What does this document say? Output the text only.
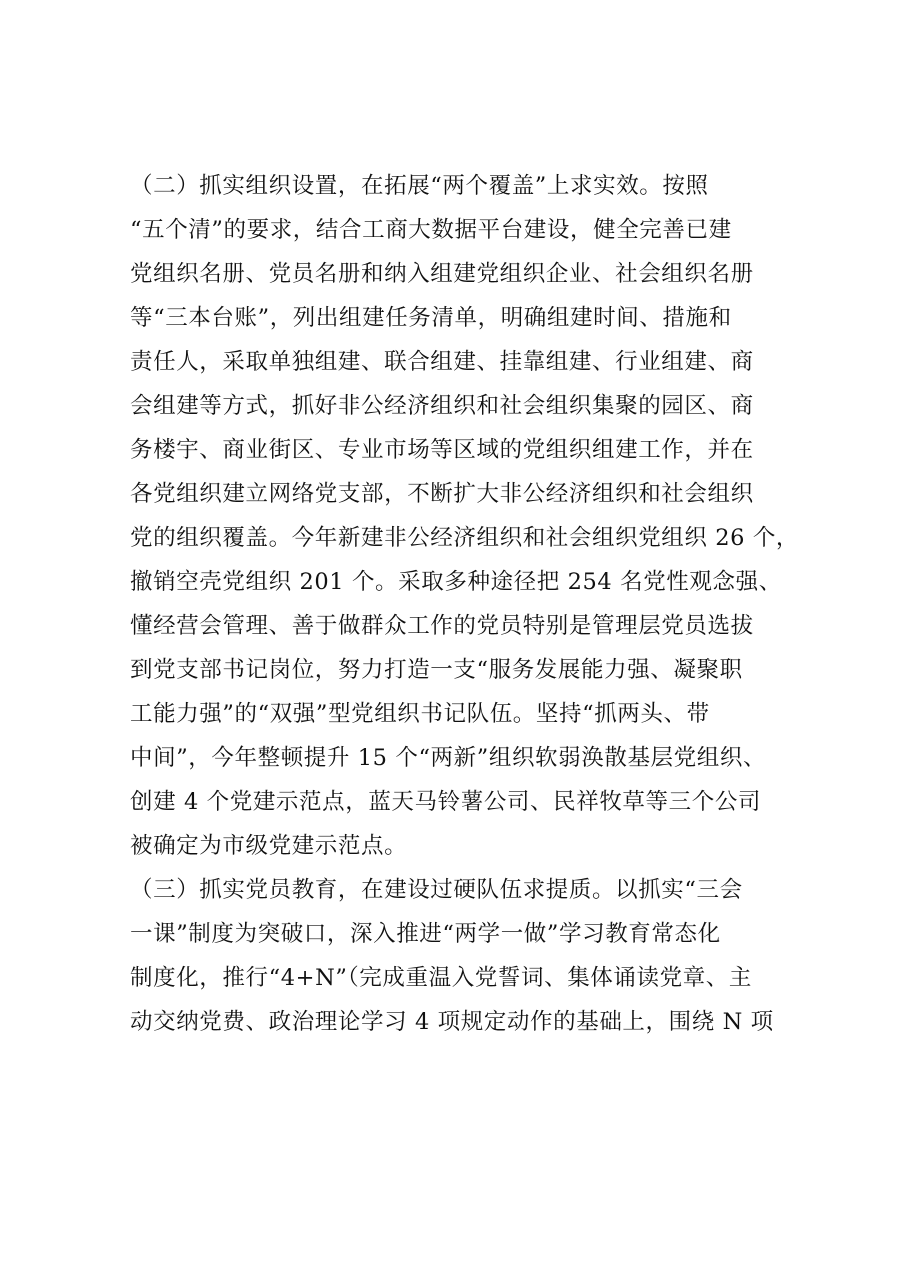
（二）抓实组织设置，在拓展“两个覆盖”上求实效。按照
“五个清”的要求，结合工商大数据平台建设，健全完善已建
党组织名册、党员名册和纳入组建党组织企业、社会组织名册
等“三本台账”，列出组建任务清单，明确组建时间、措施和
责任人，采取单独组建、联合组建、挂靠组建、行业组建、商
会组建等方式，抓好非公经济组织和社会组织集聚的园区、商
务楼宇、商业街区、专业市场等区域的党组织组建工作，并在
各党组织建立网络党支部，不断扩大非公经济组织和社会组织
党的组织覆盖。今年新建非公经济组织和社会组织党组织 26 个，
撤销空壳党组织 201 个。采取多种途径把 254 名党性观念强、
懂经营会管理、善于做群众工作的党员特别是管理层党员选拔
到党支部书记岗位，努力打造一支“服务发展能力强、凝聚职
工能力强”的“双强”型党组织书记队伍。坚持“抓两头、带
中间”，今年整顿提升 15 个“两新”组织软弱涣散基层党组织、
创建 4 个党建示范点，蓝天马铃薯公司、民祥牧草等三个公司
被确定为市级党建示范点。
（三）抓实党员教育，在建设过硬队伍求提质。以抓实“三会
一课”制度为突破口，深入推进“两学一做”学习教育常态化
制度化，推行“4+N”（完成重温入党誓词、集体诵读党章、主
动交纳党费、政治理论学习 4 项规定动作的基础上，围绕 N 项
